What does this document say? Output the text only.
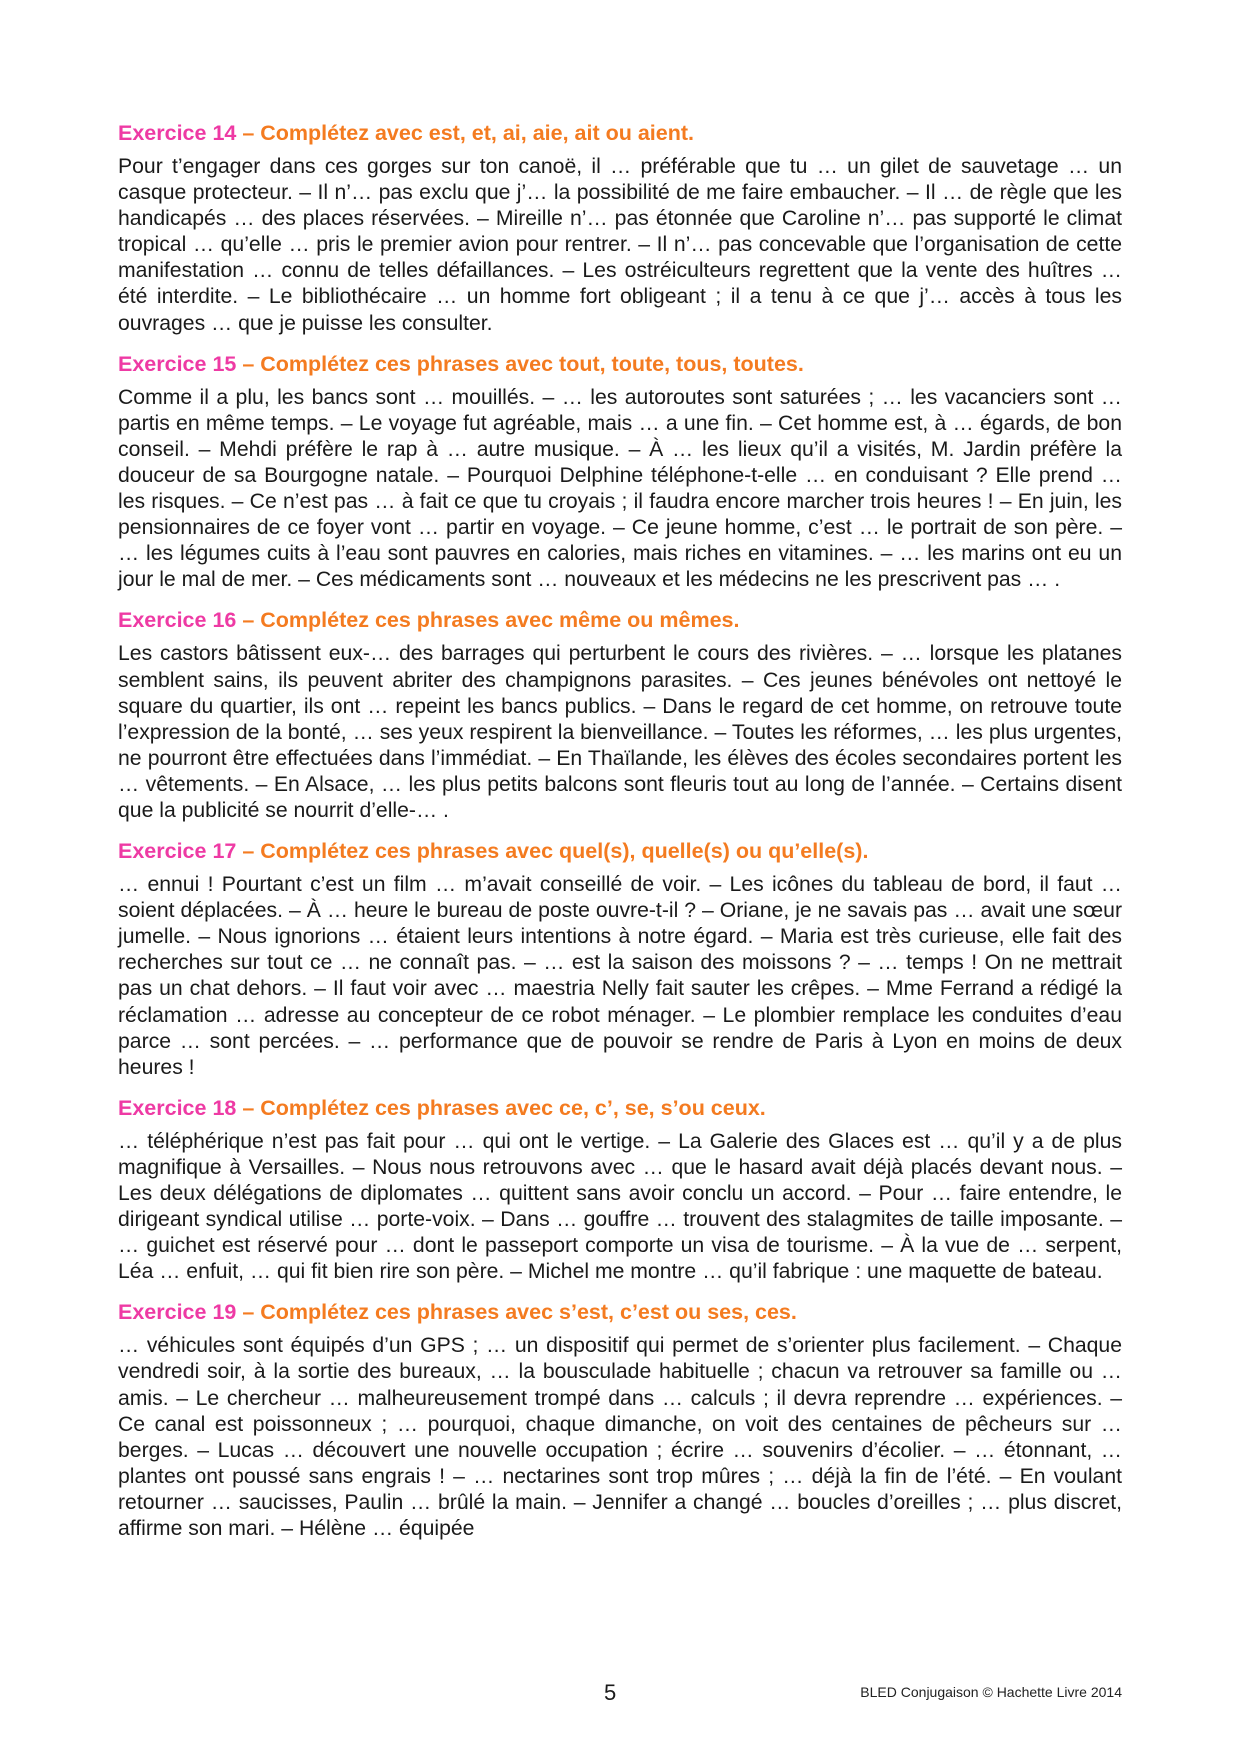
Exercice 14 – Complétez avec est, et, ai, aie, ait ou aient.

Pour t’engager dans ces gorges sur ton canoë, il … préférable que tu … un gilet de sauvetage … un casque protecteur. – Il n’… pas exclu que j’… la possibilité de me faire embaucher. – Il … de règle que les handicapés … des places réservées. – Mireille n’… pas étonnée que Caroline n’… pas supporté le climat tropical … qu’elle … pris le premier avion pour rentrer. – Il n’… pas concevable que l’organisation de cette manifestation … connu de telles défaillances. – Les ostréiculteurs regrettent que la vente des huîtres … été interdite. – Le bibliothécaire … un homme fort obligeant ; il a tenu à ce que j’… accès à tous les ouvrages … que je puisse les consulter.

Exercice 15 – Complétez ces phrases avec tout, toute, tous, toutes.

Comme il a plu, les bancs sont … mouillés. – … les autoroutes sont saturées ; … les vacanciers sont … partis en même temps. – Le voyage fut agréable, mais … a une fin. – Cet homme est, à … égards, de bon conseil. – Mehdi préfère le rap à … autre musique. – À … les lieux qu’il a visités, M. Jardin préfère la douceur de sa Bourgogne natale. – Pourquoi Delphine téléphone-t-elle … en conduisant ? Elle prend … les risques. – Ce n’est pas … à fait ce que tu croyais ; il faudra encore marcher trois heures ! – En juin, les pensionnaires de ce foyer vont … partir en voyage. – Ce jeune homme, c’est … le portrait de son père. – … les légumes cuits à l’eau sont pauvres en calories, mais riches en vitamines. – … les marins ont eu un jour le mal de mer. – Ces médicaments sont … nouveaux et les médecins ne les prescrivent pas … .

Exercice 16 – Complétez ces phrases avec même ou mêmes.

Les castors bâtissent eux-… des barrages qui perturbent le cours des rivières. – … lorsque les platanes semblent sains, ils peuvent abriter des champignons parasites. – Ces jeunes bénévoles ont nettoyé le square du quartier, ils ont … repeint les bancs publics. – Dans le regard de cet homme, on retrouve toute l’expression de la bonté, … ses yeux respirent la bienveillance. – Toutes les réformes, … les plus urgentes, ne pourront être effectuées dans l’immédiat. – En Thaïlande, les élèves des écoles secondaires portent les … vêtements. – En Alsace, … les plus petits balcons sont fleuris tout au long de l’année. – Certains disent que la publicité se nourrit d’elle-… .

Exercice 17 – Complétez ces phrases avec quel(s), quelle(s) ou qu’elle(s).

… ennui ! Pourtant c’est un film … m’avait conseillé de voir. – Les icônes du tableau de bord, il faut … soient déplacées. – À … heure le bureau de poste ouvre-t-il ? – Oriane, je ne savais pas … avait une sœur jumelle. – Nous ignorions … étaient leurs intentions à notre égard. – Maria est très curieuse, elle fait des recherches sur tout ce … ne connaît pas. – … est la saison des moissons ? – … temps ! On ne mettrait pas un chat dehors. – Il faut voir avec … maestria Nelly fait sauter les crêpes. – Mme Ferrand a rédigé la réclamation … adresse au concepteur de ce robot ménager. – Le plombier remplace les conduites d’eau parce … sont percées. – … performance que de pouvoir se rendre de Paris à Lyon en moins de deux heures !

Exercice 18 – Complétez ces phrases avec ce, c’, se, s’ou ceux.

… téléphérique n’est pas fait pour … qui ont le vertige. – La Galerie des Glaces est … qu’il y a de plus magnifique à Versailles. – Nous nous retrouvons avec … que le hasard avait déjà placés devant nous. – Les deux délégations de diplomates … quittent sans avoir conclu un accord. – Pour … faire entendre, le dirigeant syndical utilise … porte-voix. – Dans … gouffre … trouvent des stalagmites de taille imposante. – … guichet est réservé pour … dont le passeport comporte un visa de tourisme. – À la vue de … serpent, Léa … enfuit, … qui fit bien rire son père. – Michel me montre … qu’il fabrique : une maquette de bateau.

Exercice 19 – Complétez ces phrases avec s’est, c’est ou ses, ces.

… véhicules sont équipés d’un GPS ; … un dispositif qui permet de s’orienter plus facilement. – Chaque vendredi soir, à la sortie des bureaux, … la bousculade habituelle ; chacun va retrouver sa famille ou … amis. – Le chercheur … malheureusement trompé dans … calculs ; il devra reprendre … expériences. – Ce canal est poissonneux ; … pourquoi, chaque dimanche, on voit des centaines de pêcheurs sur … berges. – Lucas … découvert une nouvelle occupation ; écrire … souvenirs d’écolier. – … étonnant, … plantes ont poussé sans engrais ! – … nectarines sont trop mûres ; … déjà la fin de l’été. – En voulant retourner … saucisses, Paulin … brûlé la main. – Jennifer a changé … boucles d’oreilles ; … plus discret, affirme son mari. – Hélène … équipée

5	BLED Conjugaison © Hachette Livre 2014
